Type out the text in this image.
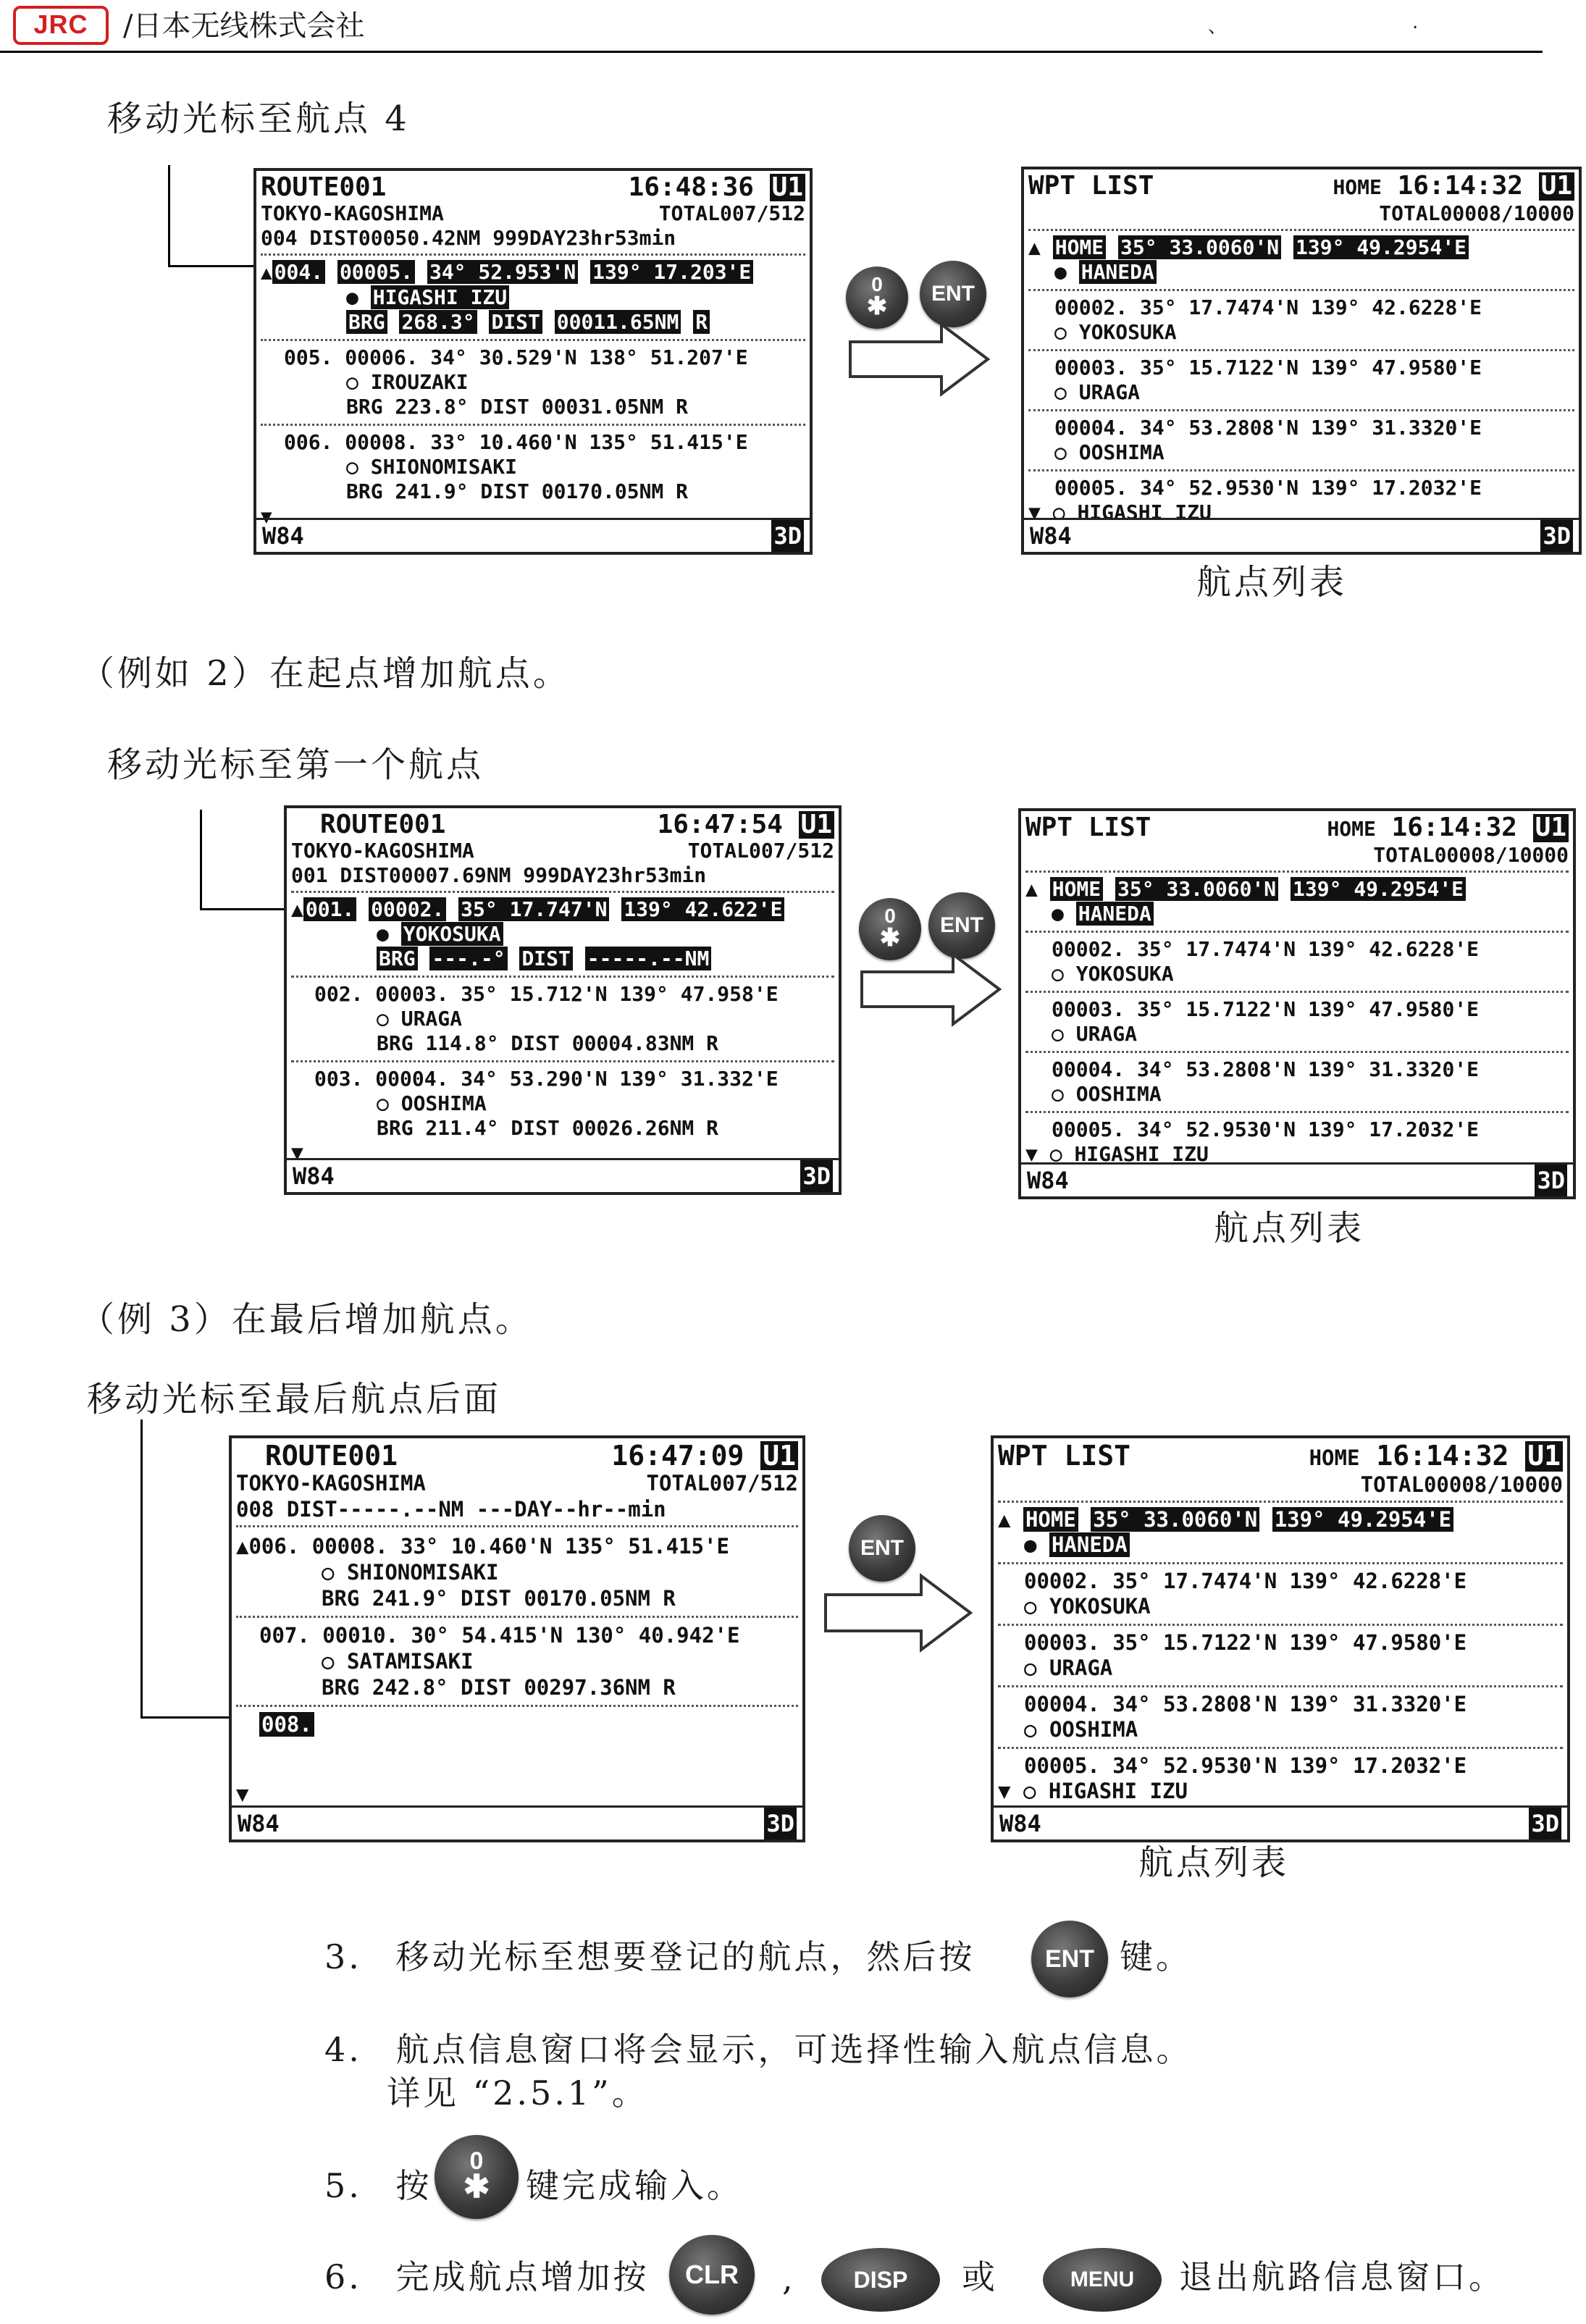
JRC	/日本无线株式会社	、	.
移动光标至航点 4
ROUTE001	16:48:36 U1
TOKYO-KAGOSHIMA	TOTAL007/512
004 DIST00050.42NM 999DAY23hr53min
▲ 004. 00005. 34° 52.953'N 139° 17.203'E
● HIGASHI IZU
BRG 268.3° DIST 00011.65NM R
005. 00006. 34° 30.529'N 138° 51.207'E
○ IROUZAKI
BRG 223.8° DIST 00031.05NM R
006. 00008. 33° 10.460'N 135° 51.415'E
○ SHIONOMISAKI
BRG 241.9° DIST 00170.05NM R
▼
W84	3D
0
✱	ENT
WPT LIST	HOME 16:14:32 U1
TOTAL00008/10000
▲ HOME 35° 33.0060'N 139° 49.2954'E
● HANEDA
00002. 35° 17.7474'N 139° 42.6228'E
○ YOKOSUKA
00003. 35° 15.7122'N 139° 47.9580'E
○ URAGA
00004. 34° 53.2808'N 139° 31.3320'E
○ OOSHIMA
00005. 34° 52.9530'N 139° 17.2032'E
▼ ○ HIGASHI IZU
W84	3D
航点列表
（例如 2）在起点增加航点。
移动光标至第一个航点
ROUTE001	16:47:54 U1
TOKYO-KAGOSHIMA	TOTAL007/512
001 DIST00007.69NM 999DAY23hr53min
▲ 001. 00002. 35° 17.747'N 139° 42.622'E
● YOKOSUKA
BRG ---.-° DIST -----.--NM
002. 00003. 35° 15.712'N 139° 47.958'E
○ URAGA
BRG 114.8° DIST 00004.83NM R
003. 00004. 34° 53.290'N 139° 31.332'E
○ OOSHIMA
BRG 211.4° DIST 00026.26NM R
▼
W84	3D
0
✱	ENT
WPT LIST	HOME 16:14:32 U1
TOTAL00008/10000
▲ HOME 35° 33.0060'N 139° 49.2954'E
● HANEDA
00002. 35° 17.7474'N 139° 42.6228'E
○ YOKOSUKA
00003. 35° 15.7122'N 139° 47.9580'E
○ URAGA
00004. 34° 53.2808'N 139° 31.3320'E
○ OOSHIMA
00005. 34° 52.9530'N 139° 17.2032'E
▼ ○ HIGASHI IZU
W84	3D
航点列表
（例 3）在最后增加航点。
移动光标至最后航点后面
ROUTE001	16:47:09 U1
TOKYO-KAGOSHIMA	TOTAL007/512
008 DIST-----.--NM ---DAY--hr--min
▲006. 00008. 33° 10.460'N 135° 51.415'E
○ SHIONOMISAKI
BRG 241.9° DIST 00170.05NM R
007. 00010. 30° 54.415'N 130° 40.942'E
○ SATAMISAKI
BRG 242.8° DIST 00297.36NM R
008.
▼
W84	3D
ENT
WPT LIST	HOME 16:14:32 U1
TOTAL00008/10000
▲ HOME 35° 33.0060'N 139° 49.2954'E
● HANEDA
00002. 35° 17.7474'N 139° 42.6228'E
○ YOKOSUKA
00003. 35° 15.7122'N 139° 47.9580'E
○ URAGA
00004. 34° 53.2808'N 139° 31.3320'E
○ OOSHIMA
00005. 34° 52.9530'N 139° 17.2032'E
▼ ○ HIGASHI IZU
W84	3D
航点列表
3. 移动光标至想要登记的航点，然后按	ENT 键。
4. 航点信息窗口将会显示，可选择性输入航点信息。
详见 “2.5.1”。
5. 按
0
✱	键完成输入。
6. 完成航点增加按	CLR	,	DISP	或	MENU	退出航路信息窗口。
